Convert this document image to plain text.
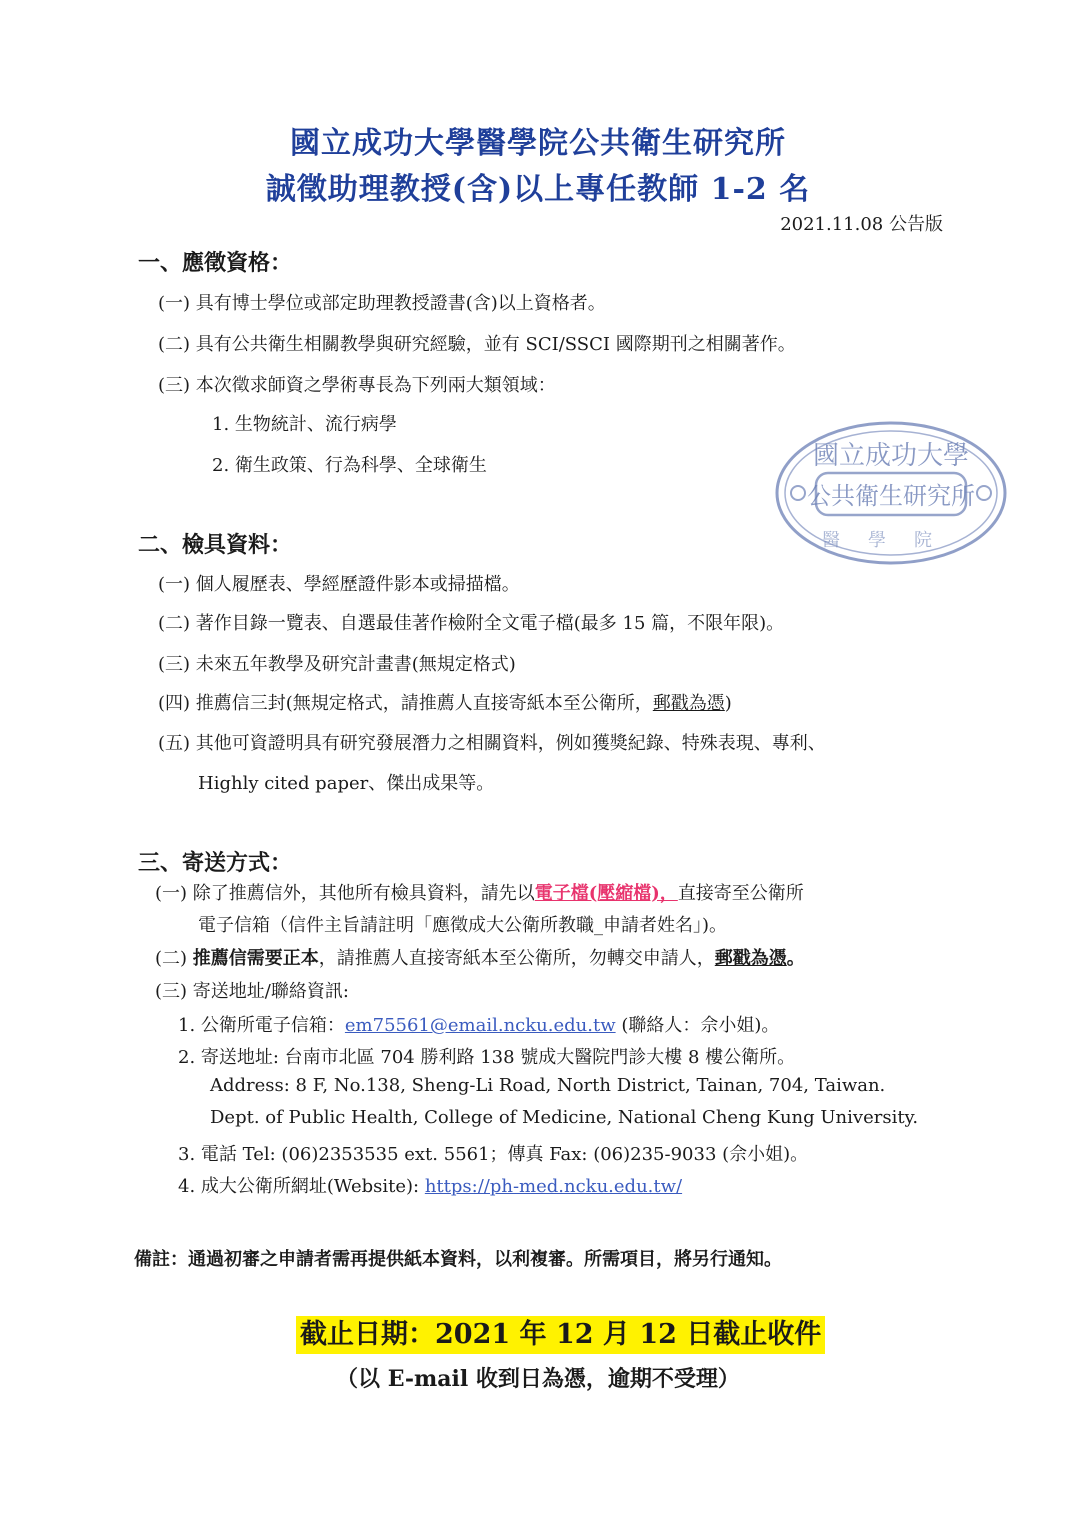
國立成功大學醫學院公共衛生研究所
誠徵助理教授(含)以上專任教師 1-2 名
2021.11.08 公告版
一、應徵資格：
(一) 具有博士學位或部定助理教授證書(含)以上資格者。
(二) 具有公共衛生相關教學與研究經驗，並有 SCI/SSCI 國際期刊之相關著作。
(三) 本次徵求師資之學術專長為下列兩大類領域：
1. 生物統計、流行病學
2. 衛生政策、行為科學、全球衛生	國立成功大學
公共衛生研究所
醫學院
二、檢具資料：
(一) 個人履歷表、學經歷證件影本或掃描檔。
(二) 著作目錄一覽表、自選最佳著作檢附全文電子檔(最多 15 篇，不限年限)。
(三) 未來五年教學及研究計畫書(無規定格式)
(四) 推薦信三封(無規定格式，請推薦人直接寄紙本至公衛所，郵戳為憑)
(五) 其他可資證明具有研究發展潛力之相關資料，例如獲獎紀錄、特殊表現、專利、
Highly cited paper、傑出成果等。
三、寄送方式：
(一) 除了推薦信外，其他所有檢具資料，請先以電子檔(壓縮檔)，直接寄至公衛所
電子信箱（信件主旨請註明「應徵成大公衛所教職_申請者姓名」)。
(二) 推薦信需要正本，請推薦人直接寄紙本至公衛所，勿轉交申請人，郵戳為憑。
(三) 寄送地址/聯絡資訊:
1. 公衛所電子信箱：em75561@email.ncku.edu.tw (聯絡人：佘小姐)。
2. 寄送地址: 台南市北區 704 勝利路 138 號成大醫院門診大樓 8 樓公衛所。
Address: 8 F, No.138, Sheng-Li Road, North District, Tainan, 704, Taiwan.
Dept. of Public Health, College of Medicine, National Cheng Kung University.
3. 電話 Tel: (06)2353535 ext. 5561；傳真 Fax: (06)235-9033 (佘小姐)。
4. 成大公衛所網址(Website): https://ph-med.ncku.edu.tw/
備註：通過初審之申請者需再提供紙本資料，以利複審。所需項目，將另行通知。
截止日期：2021 年 12 月 12 日截止收件
（以 E-mail 收到日為憑，逾期不受理）
